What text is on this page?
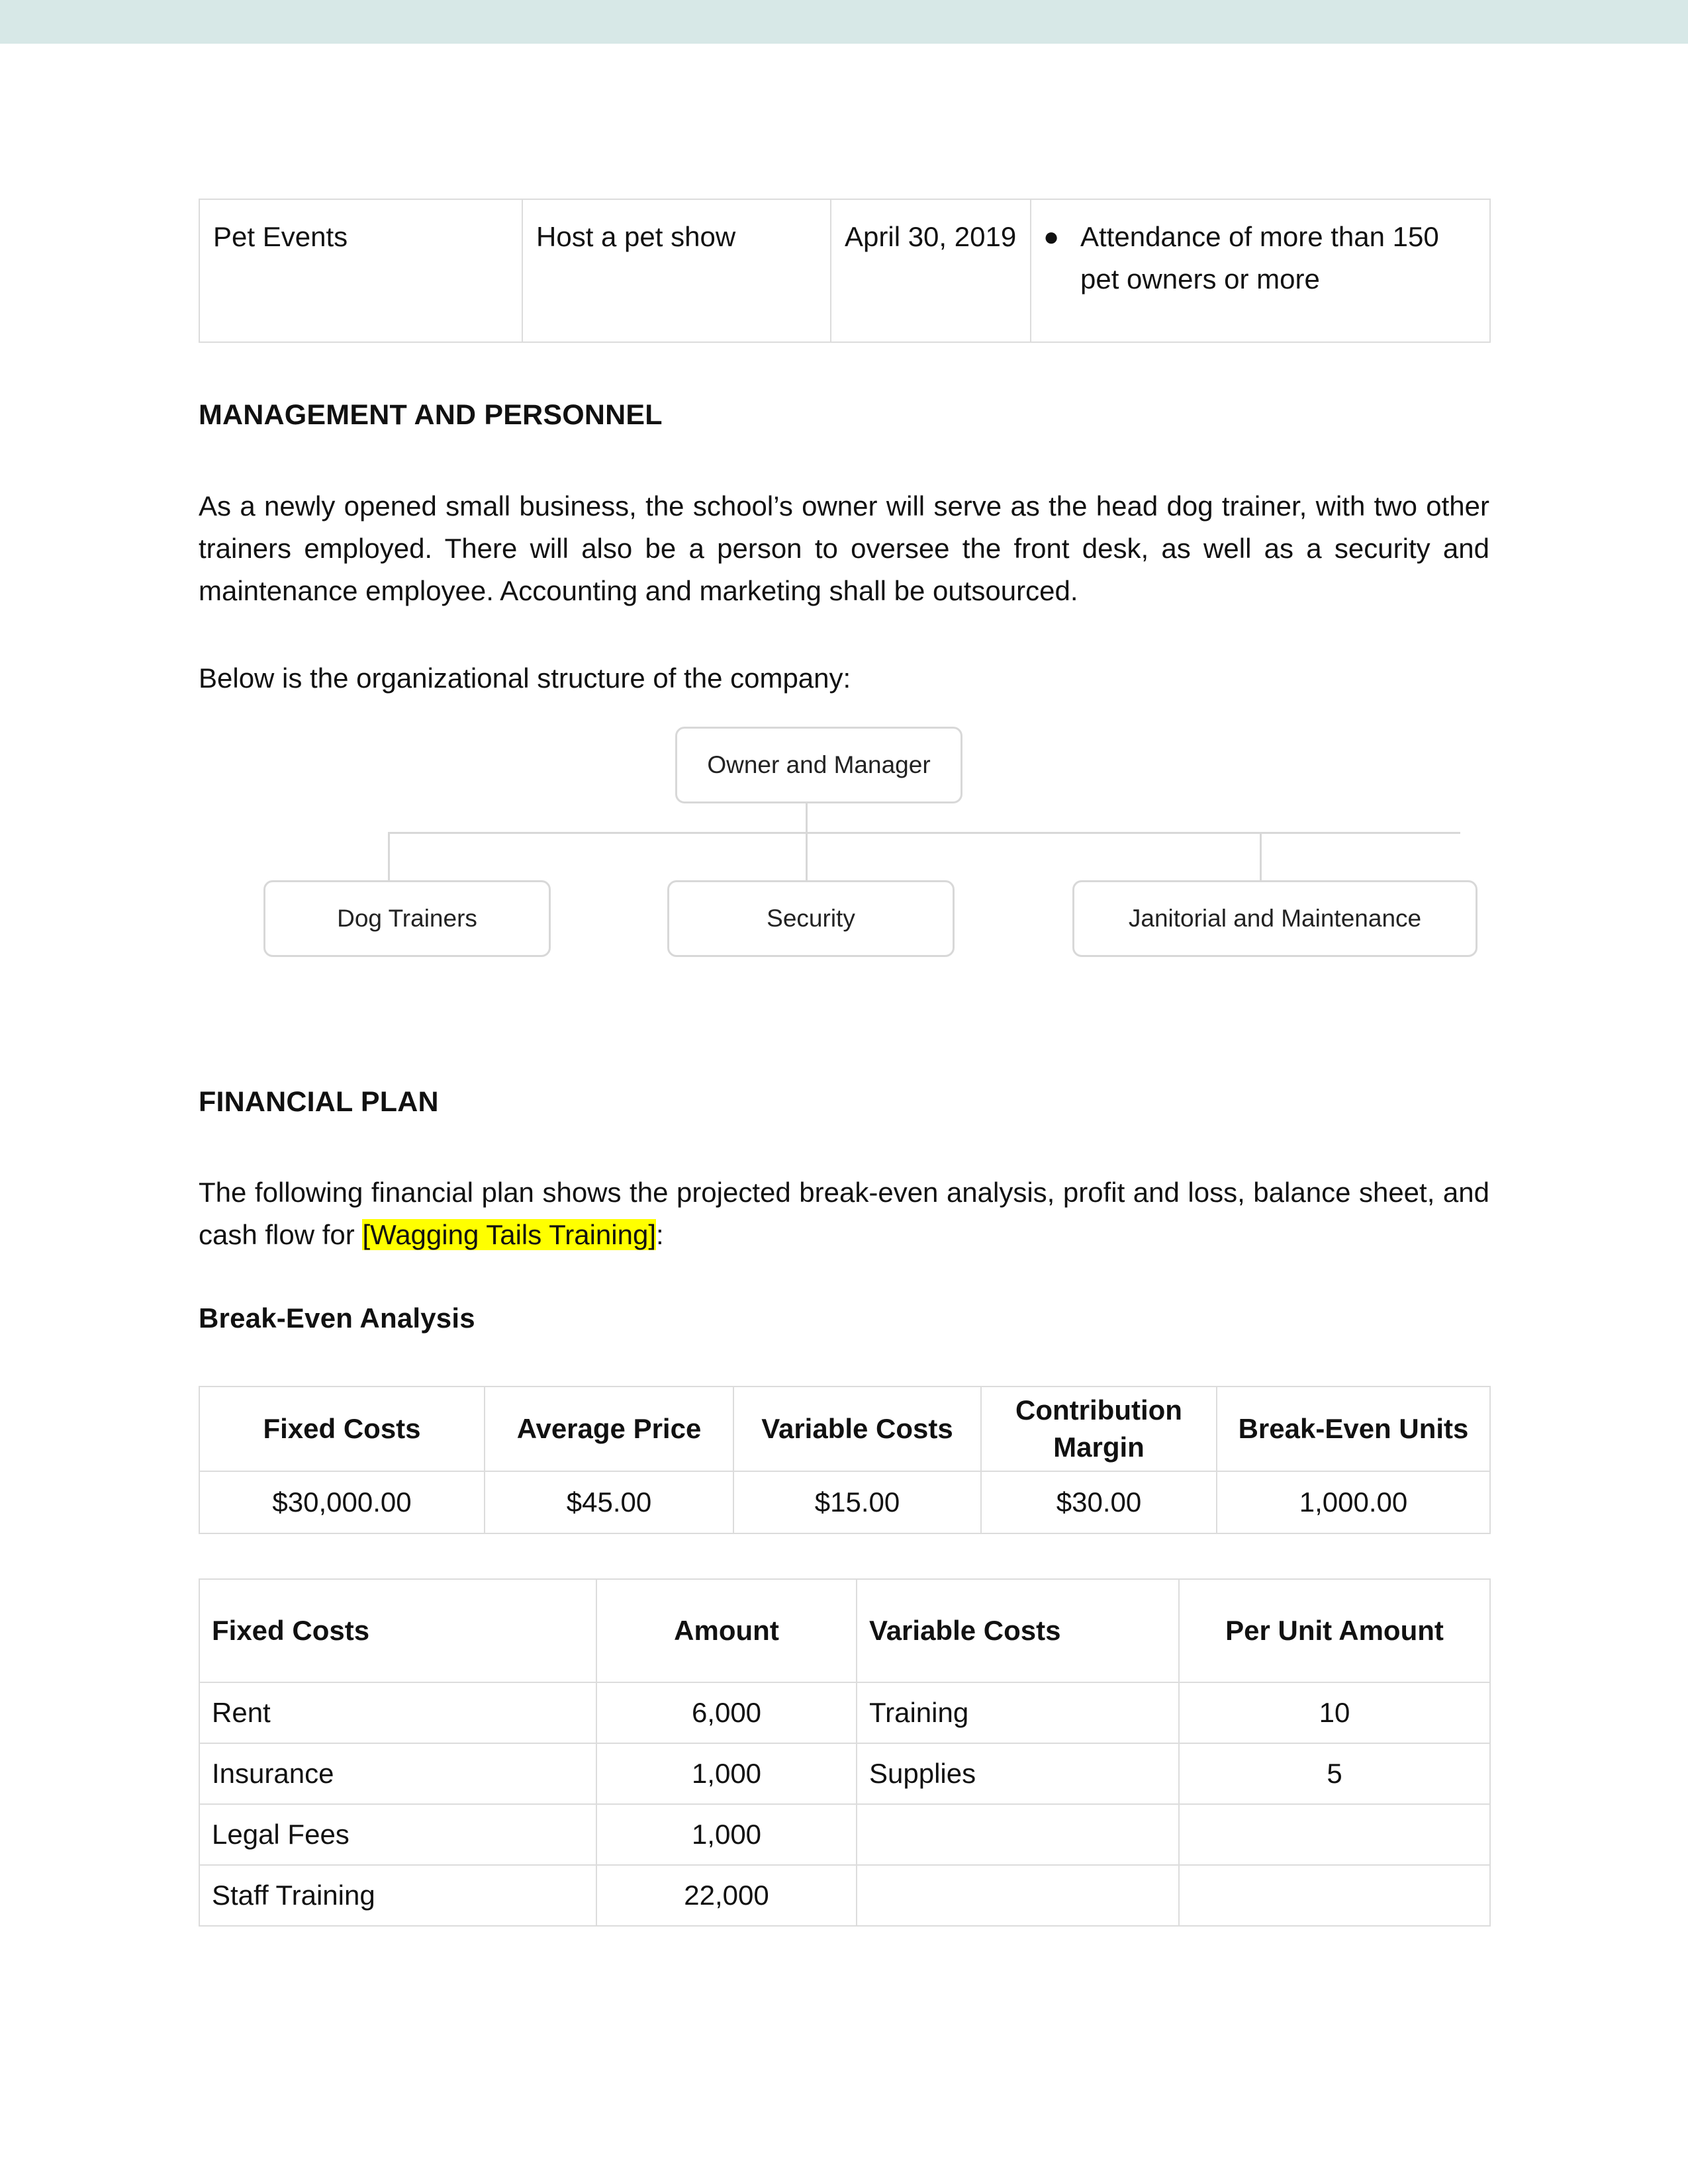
Pet Events	Host a pet show	April 30, 2019	● Attendance of more than 150
pet owners or more
MANAGEMENT AND PERSONNEL

As a newly opened small business, the school’s owner will serve as the head dog trainer, with two other trainers employed. There will also be a person to oversee the front desk, as well as a security and maintenance employee. Accounting and marketing shall be outsourced.

Below is the organizational structure of the company:

Owner and Manager
Dog Trainers	Security	Janitorial and Maintenance
FINANCIAL PLAN

The following financial plan shows the projected break-even analysis, profit and loss, balance sheet, and cash flow for [Wagging Tails Training]:

Break-Even Analysis
Fixed Costs	Average Price	Variable Costs	Contribution Margin	Break-Even Units
$30,000.00	$45.00	$15.00	$30.00	1,000.00
Fixed Costs	Amount	Variable Costs	Per Unit Amount
Rent	6,000	Training	10
Insurance	1,000	Supplies	5
Legal Fees	1,000		
Staff Training	22,000		
